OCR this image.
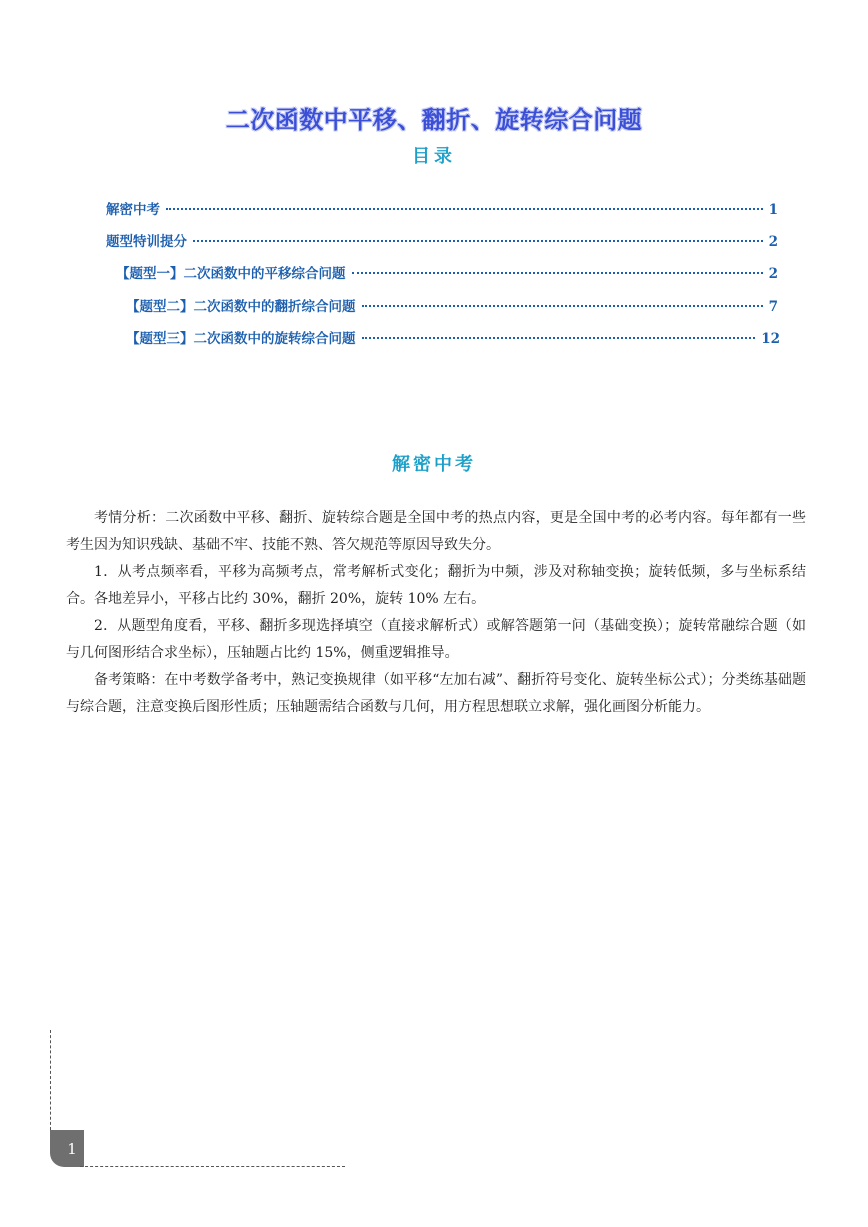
二次函数中平移、翻折、旋转综合问题
目录
解密中考	1
题型特训提分	2
【题型一】二次函数中的平移综合问题	2
【题型二】二次函数中的翻折综合问题	7
【题型三】二次函数中的旋转综合问题	12
解密中考

考情分析：二次函数中平移、翻折、旋转综合题是全国中考的热点内容，更是全国中考的必考内容。每年都有一些考生因为知识残缺、基础不牢、技能不熟、答欠规范等原因导致失分。

1．从考点频率看，平移为高频考点，常考解析式变化；翻折为中频，涉及对称轴变换；旋转低频，多与坐标系结合。各地差异小，平移占比约 30%，翻折 20%，旋转 10% 左右。

2．从题型角度看，平移、翻折多现选择填空（直接求解析式）或解答题第一问（基础变换）；旋转常融综合题（如与几何图形结合求坐标），压轴题占比约 15%，侧重逻辑推导。

备考策略：在中考数学备考中，熟记变换规律（如平移“左加右减”、翻折符号变化、旋转坐标公式）；分类练基础题与综合题，注意变换后图形性质；压轴题需结合函数与几何，用方程思想联立求解，强化画图分析能力。

1
